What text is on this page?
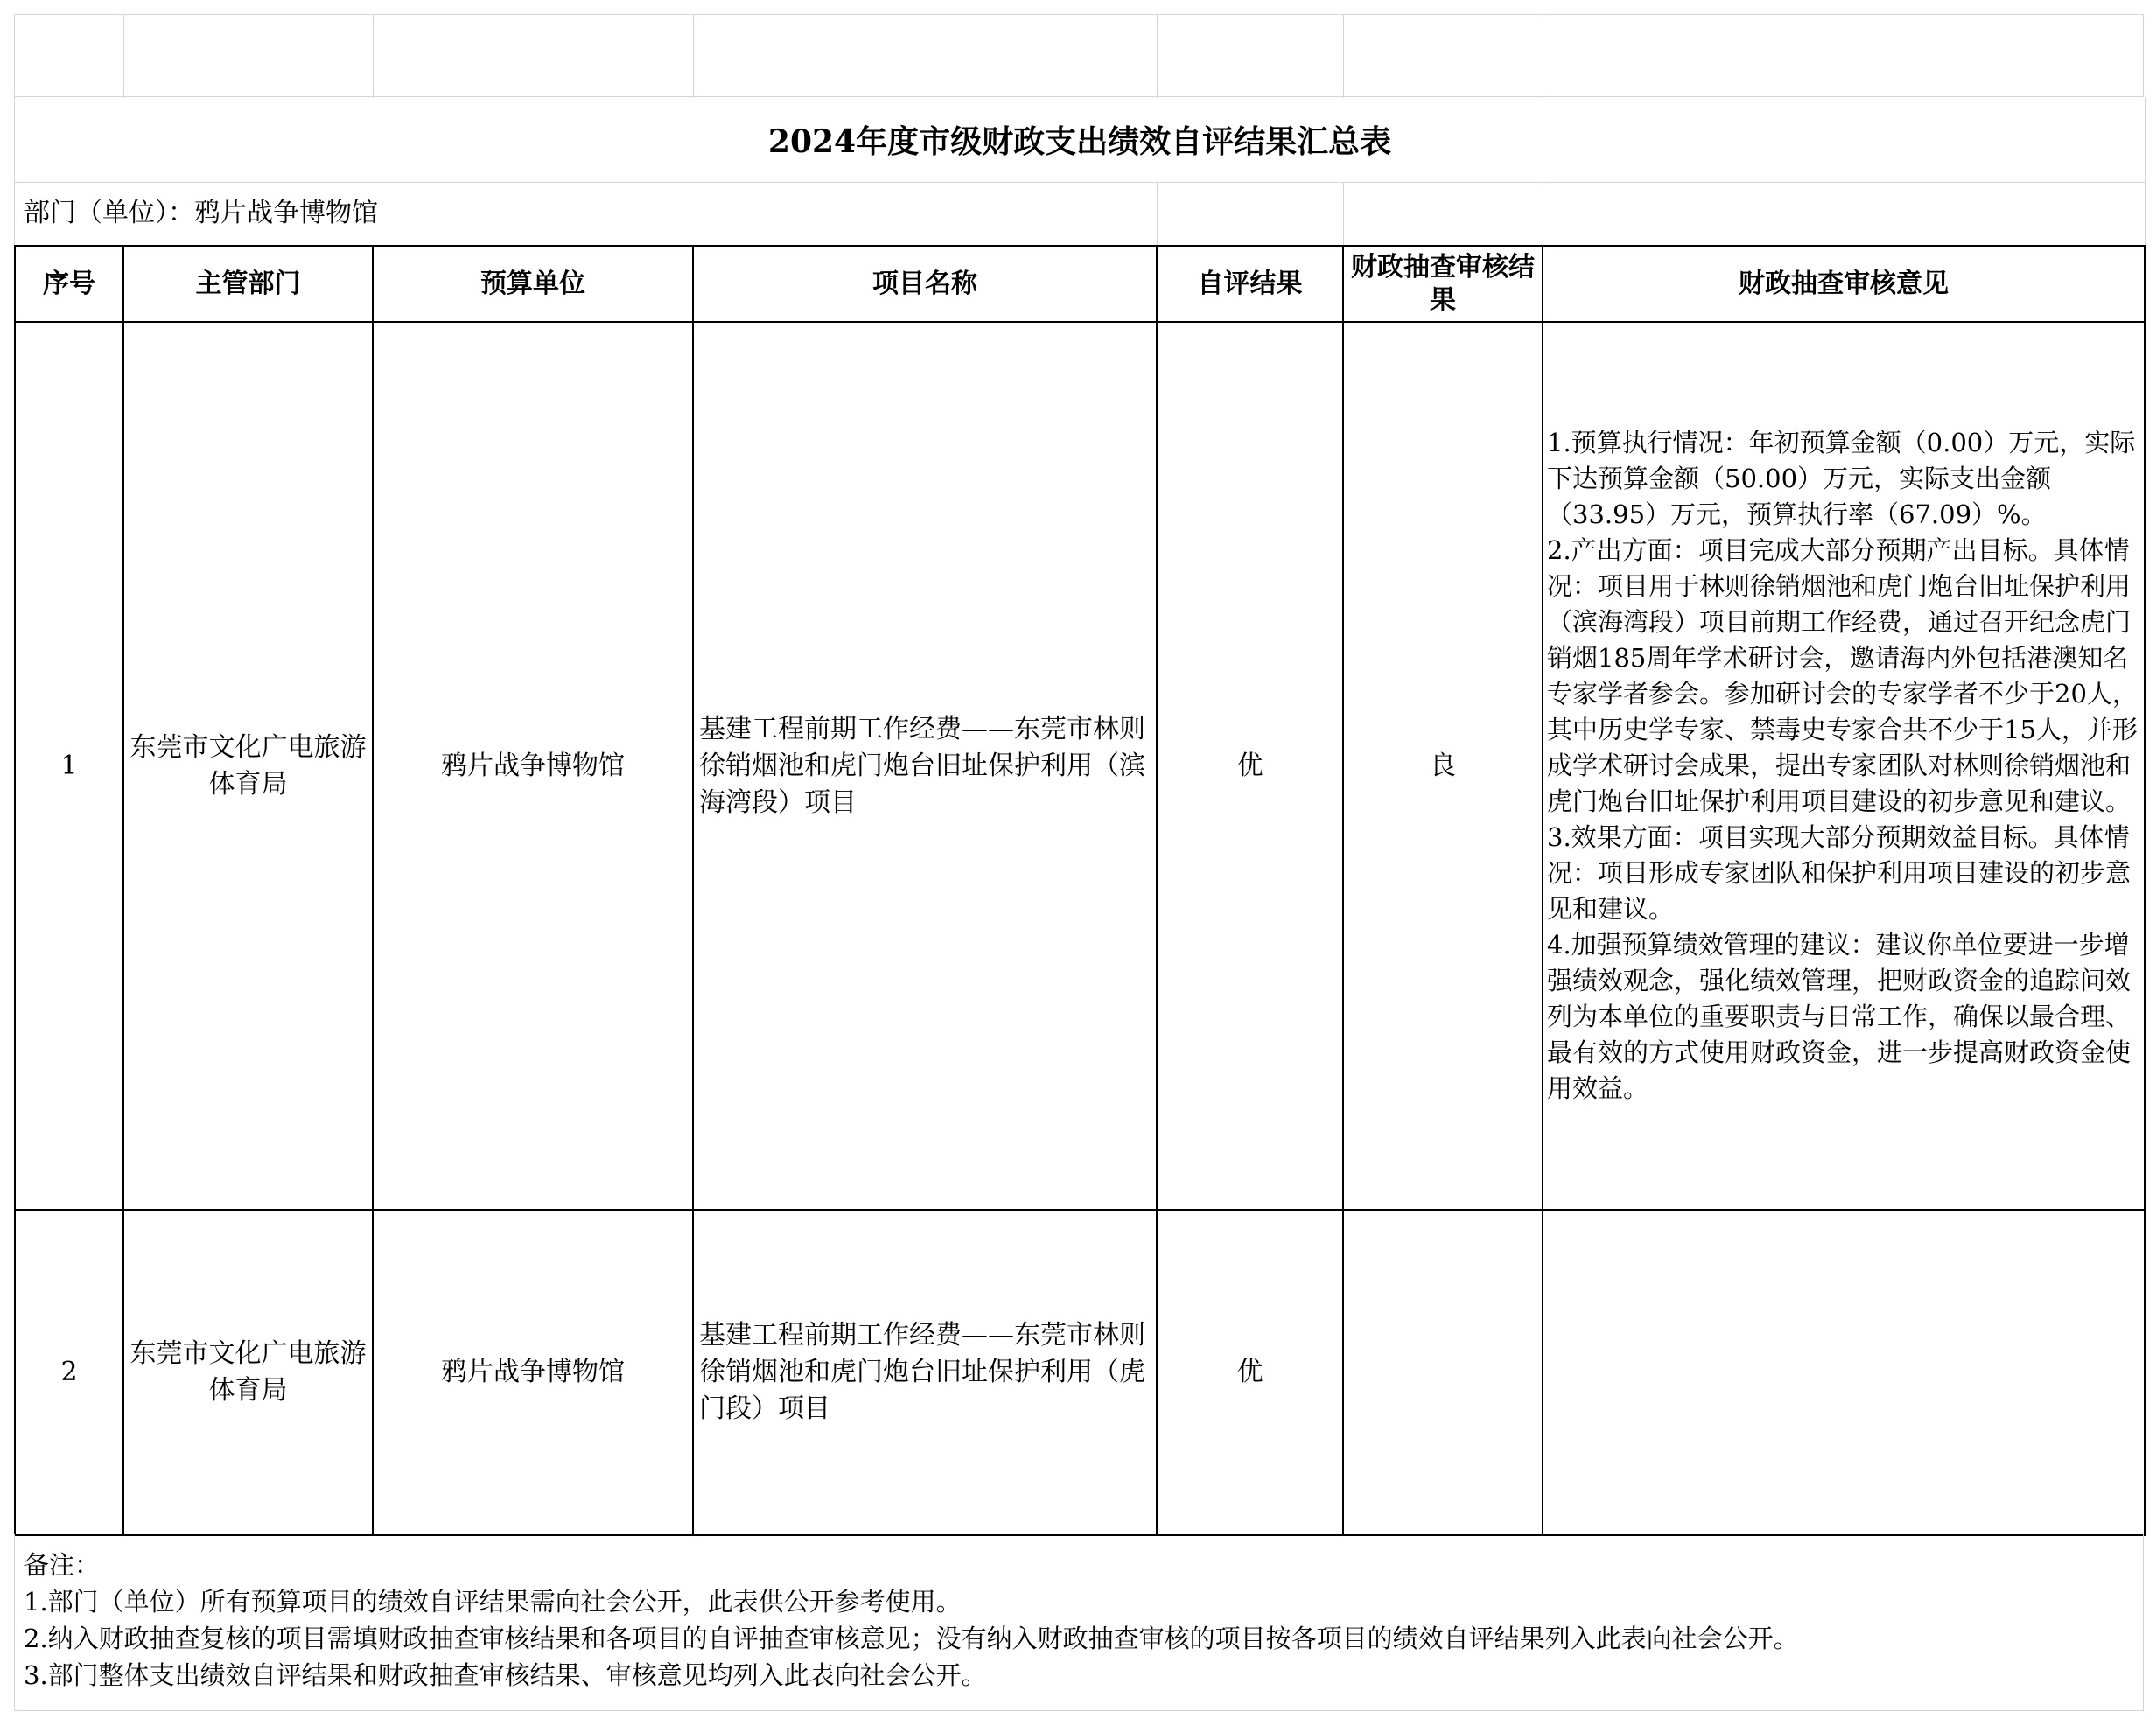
2024年度市级财政支出绩效自评结果汇总表
部门（单位）：鸦片战争博物馆
序号	主管部门	预算单位	项目名称	自评结果	财政抽查审核结果	财政抽查审核意见
1	东莞市文化广电旅游体育局	鸦片战争博物馆	基建工程前期工作经费——东莞市林则徐销烟池和虎门炮台旧址保护利用（滨海湾段）项目	优	良	1.预算执行情况：年初预算金额（0.00）万元，实际下达预算金额（50.00）万元，实际支出金额（33.95）万元，预算执行率（67.09）%。
2.产出方面：项目完成大部分预期产出目标。具体情况：项目用于林则徐销烟池和虎门炮台旧址保护利用（滨海湾段）项目前期工作经费，通过召开纪念虎门销烟185周年学术研讨会，邀请海内外包括港澳知名专家学者参会。参加研讨会的专家学者不少于20人，其中历史学专家、禁毒史专家合共不少于15人，并形成学术研讨会成果，提出专家团队对林则徐销烟池和虎门炮台旧址保护利用项目建设的初步意见和建议。
3.效果方面：项目实现大部分预期效益目标。具体情况：项目形成专家团队和保护利用项目建设的初步意见和建议。
4.加强预算绩效管理的建议：建议你单位要进一步增强绩效观念，强化绩效管理，把财政资金的追踪问效列为本单位的重要职责与日常工作，确保以最合理、最有效的方式使用财政资金，进一步提高财政资金使用效益。
2	东莞市文化广电旅游体育局	鸦片战争博物馆	基建工程前期工作经费——东莞市林则徐销烟池和虎门炮台旧址保护利用（虎门段）项目	优		
备注：
1.部门（单位）所有预算项目的绩效自评结果需向社会公开，此表供公开参考使用。
2.纳入财政抽查复核的项目需填财政抽查审核结果和各项目的自评抽查审核意见；没有纳入财政抽查审核的项目按各项目的绩效自评结果列入此表向社会公开。
3.部门整体支出绩效自评结果和财政抽查审核结果、审核意见均列入此表向社会公开。
